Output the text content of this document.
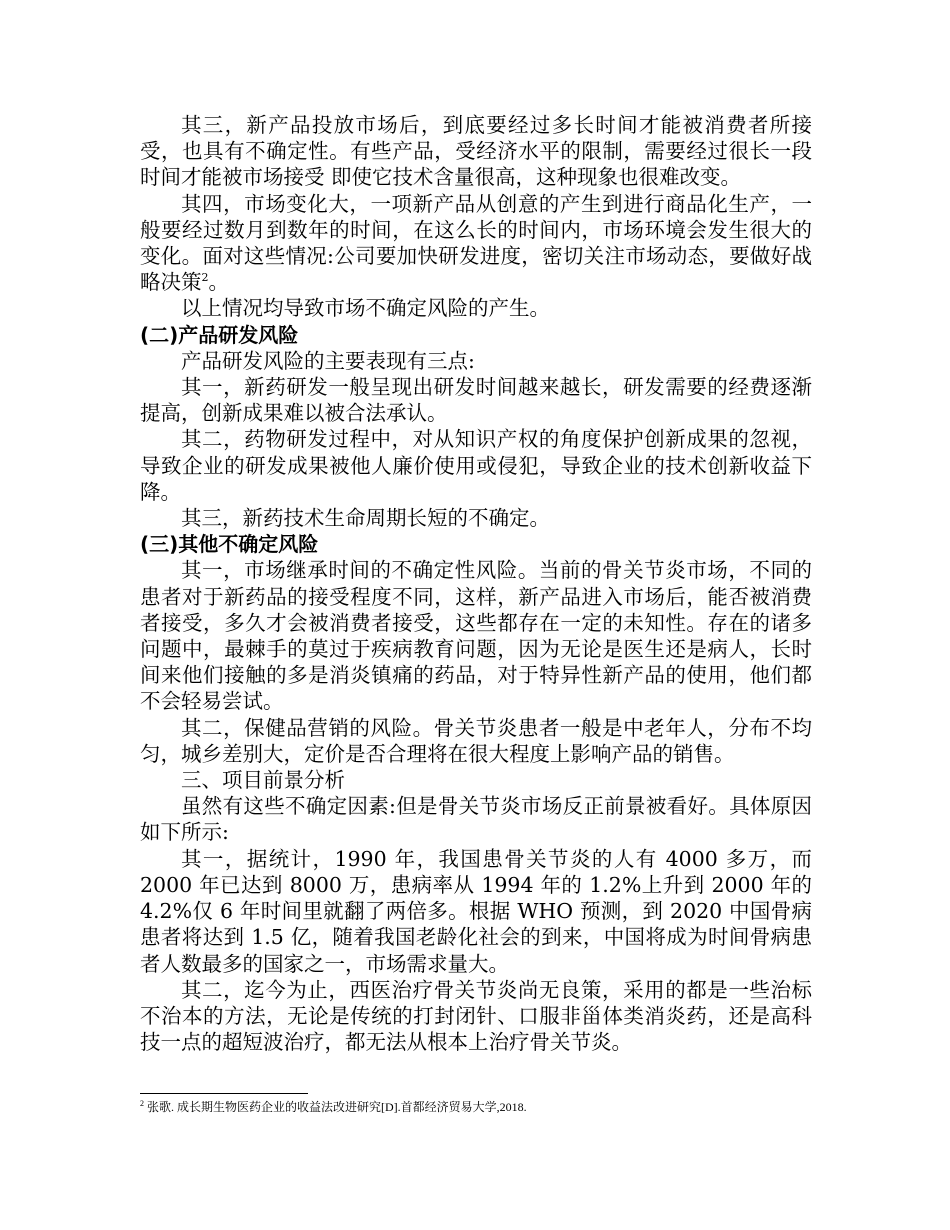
其三，新产品投放市场后，到底要经过多长时间才能被消费者所接受，也具有不确定性。有些产品，受经济水平的限制，需要经过很长一段时间才能被市场接受 即使它技术含量很高，这种现象也很难改变。

其四，市场变化大，一项新产品从创意的产生到进行商品化生产，一般要经过数月到数年的时间，在这么长的时间内，市场环境会发生很大的变化。面对这些情况:公司要加快研发进度，密切关注市场动态，要做好战略决策$^2$。

以上情况均导致市场不确定风险的产生。

(二)产品研发风险

产品研发风险的主要表现有三点:

其一，新药研发一般呈现出研发时间越来越长，研发需要的经费逐渐提高，创新成果难以被合法承认。

其二，药物研发过程中，对从知识产权的角度保护创新成果的忽视，导致企业的研发成果被他人廉价使用或侵犯，导致企业的技术创新收益下降。

其三，新药技术生命周期长短的不确定。

(三)其他不确定风险

其一，市场继承时间的不确定性风险。当前的骨关节炎市场，不同的患者对于新药品的接受程度不同，这样，新产品进入市场后，能否被消费者接受，多久才会被消费者接受，这些都存在一定的未知性。存在的诸多问题中，最棘手的莫过于疾病教育问题，因为无论是医生还是病人，长时间来他们接触的多是消炎镇痛的药品，对于特异性新产品的使用，他们都不会轻易尝试。

其二，保健品营销的风险。骨关节炎患者一般是中老年人，分布不均匀，城乡差别大，定价是否合理将在很大程度上影响产品的销售。

三、项目前景分析

虽然有这些不确定因素:但是骨关节炎市场反正前景被看好。具体原因如下所示:

其一，据统计，1990 年，我国患骨关节炎的人有 4000 多万，而 2000 年已达到 8000 万，患病率从 1994 年的 1.2%上升到 2000 年的 4.2%仅 6 年时间里就翻了两倍多。根据 WHO 预测，到 2020 中国骨病患者将达到 1.5 亿，随着我国老龄化社会的到来，中国将成为时间骨病患者人数最多的国家之一，市场需求量大。

其二，迄今为止，西医治疗骨关节炎尚无良策，采用的都是一些治标不治本的方法，无论是传统的打封闭针、口服非甾体类消炎药，还是高科技一点的超短波治疗，都无法从根本上治疗骨关节炎。

$^2$ 张歌. 成长期生物医药企业的收益法改进研究[D].首都经济贸易大学,2018.
